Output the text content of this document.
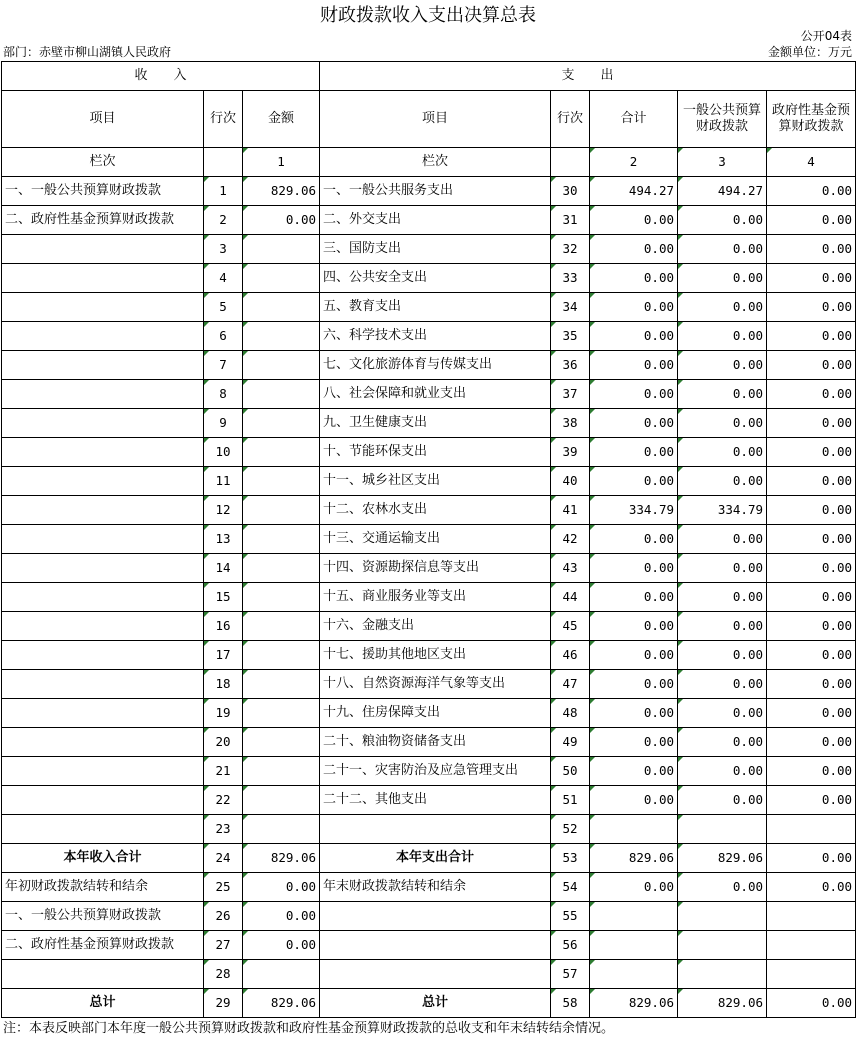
财政拨款收入支出决算总表
公开04表
部门：赤壁市柳山湖镇人民政府	金额单位：万元
收　　入			支　　出				
项目	行次	金额	项目	行次	合计	一般公共预算财政拨款	政府性基金预算财政拨款
栏次		1	栏次		2	3	4
一、一般公共预算财政拨款	1	829.06	一、一般公共服务支出	30	494.27	494.27	0.00
二、政府性基金预算财政拨款	2	0.00	二、外交支出	31	0.00	0.00	0.00
	3		三、国防支出	32	0.00	0.00	0.00
	4		四、公共安全支出	33	0.00	0.00	0.00
	5		五、教育支出	34	0.00	0.00	0.00
	6		六、科学技术支出	35	0.00	0.00	0.00
	7		七、文化旅游体育与传媒支出	36	0.00	0.00	0.00
	8		八、社会保障和就业支出	37	0.00	0.00	0.00
	9		九、卫生健康支出	38	0.00	0.00	0.00
	10		十、节能环保支出	39	0.00	0.00	0.00
	11		十一、城乡社区支出	40	0.00	0.00	0.00
	12		十二、农林水支出	41	334.79	334.79	0.00
	13		十三、交通运输支出	42	0.00	0.00	0.00
	14		十四、资源勘探信息等支出	43	0.00	0.00	0.00
	15		十五、商业服务业等支出	44	0.00	0.00	0.00
	16		十六、金融支出	45	0.00	0.00	0.00
	17		十七、援助其他地区支出	46	0.00	0.00	0.00
	18		十八、自然资源海洋气象等支出	47	0.00	0.00	0.00
	19		十九、住房保障支出	48	0.00	0.00	0.00
	20		二十、粮油物资储备支出	49	0.00	0.00	0.00
	21		二十一、灾害防治及应急管理支出	50	0.00	0.00	0.00
	22		二十二、其他支出	51	0.00	0.00	0.00
	23			52			
本年收入合计	24	829.06	本年支出合计	53	829.06	829.06	0.00
年初财政拨款结转和结余	25	0.00	年末财政拨款结转和结余	54	0.00	0.00	0.00
一、一般公共预算财政拨款	26	0.00		55			
二、政府性基金预算财政拨款	27	0.00		56			
	28			57			
总计	29	829.06	总计	58	829.06	829.06	0.00
注：本表反映部门本年度一般公共预算财政拨款和政府性基金预算财政拨款的总收支和年末结转结余情况。
